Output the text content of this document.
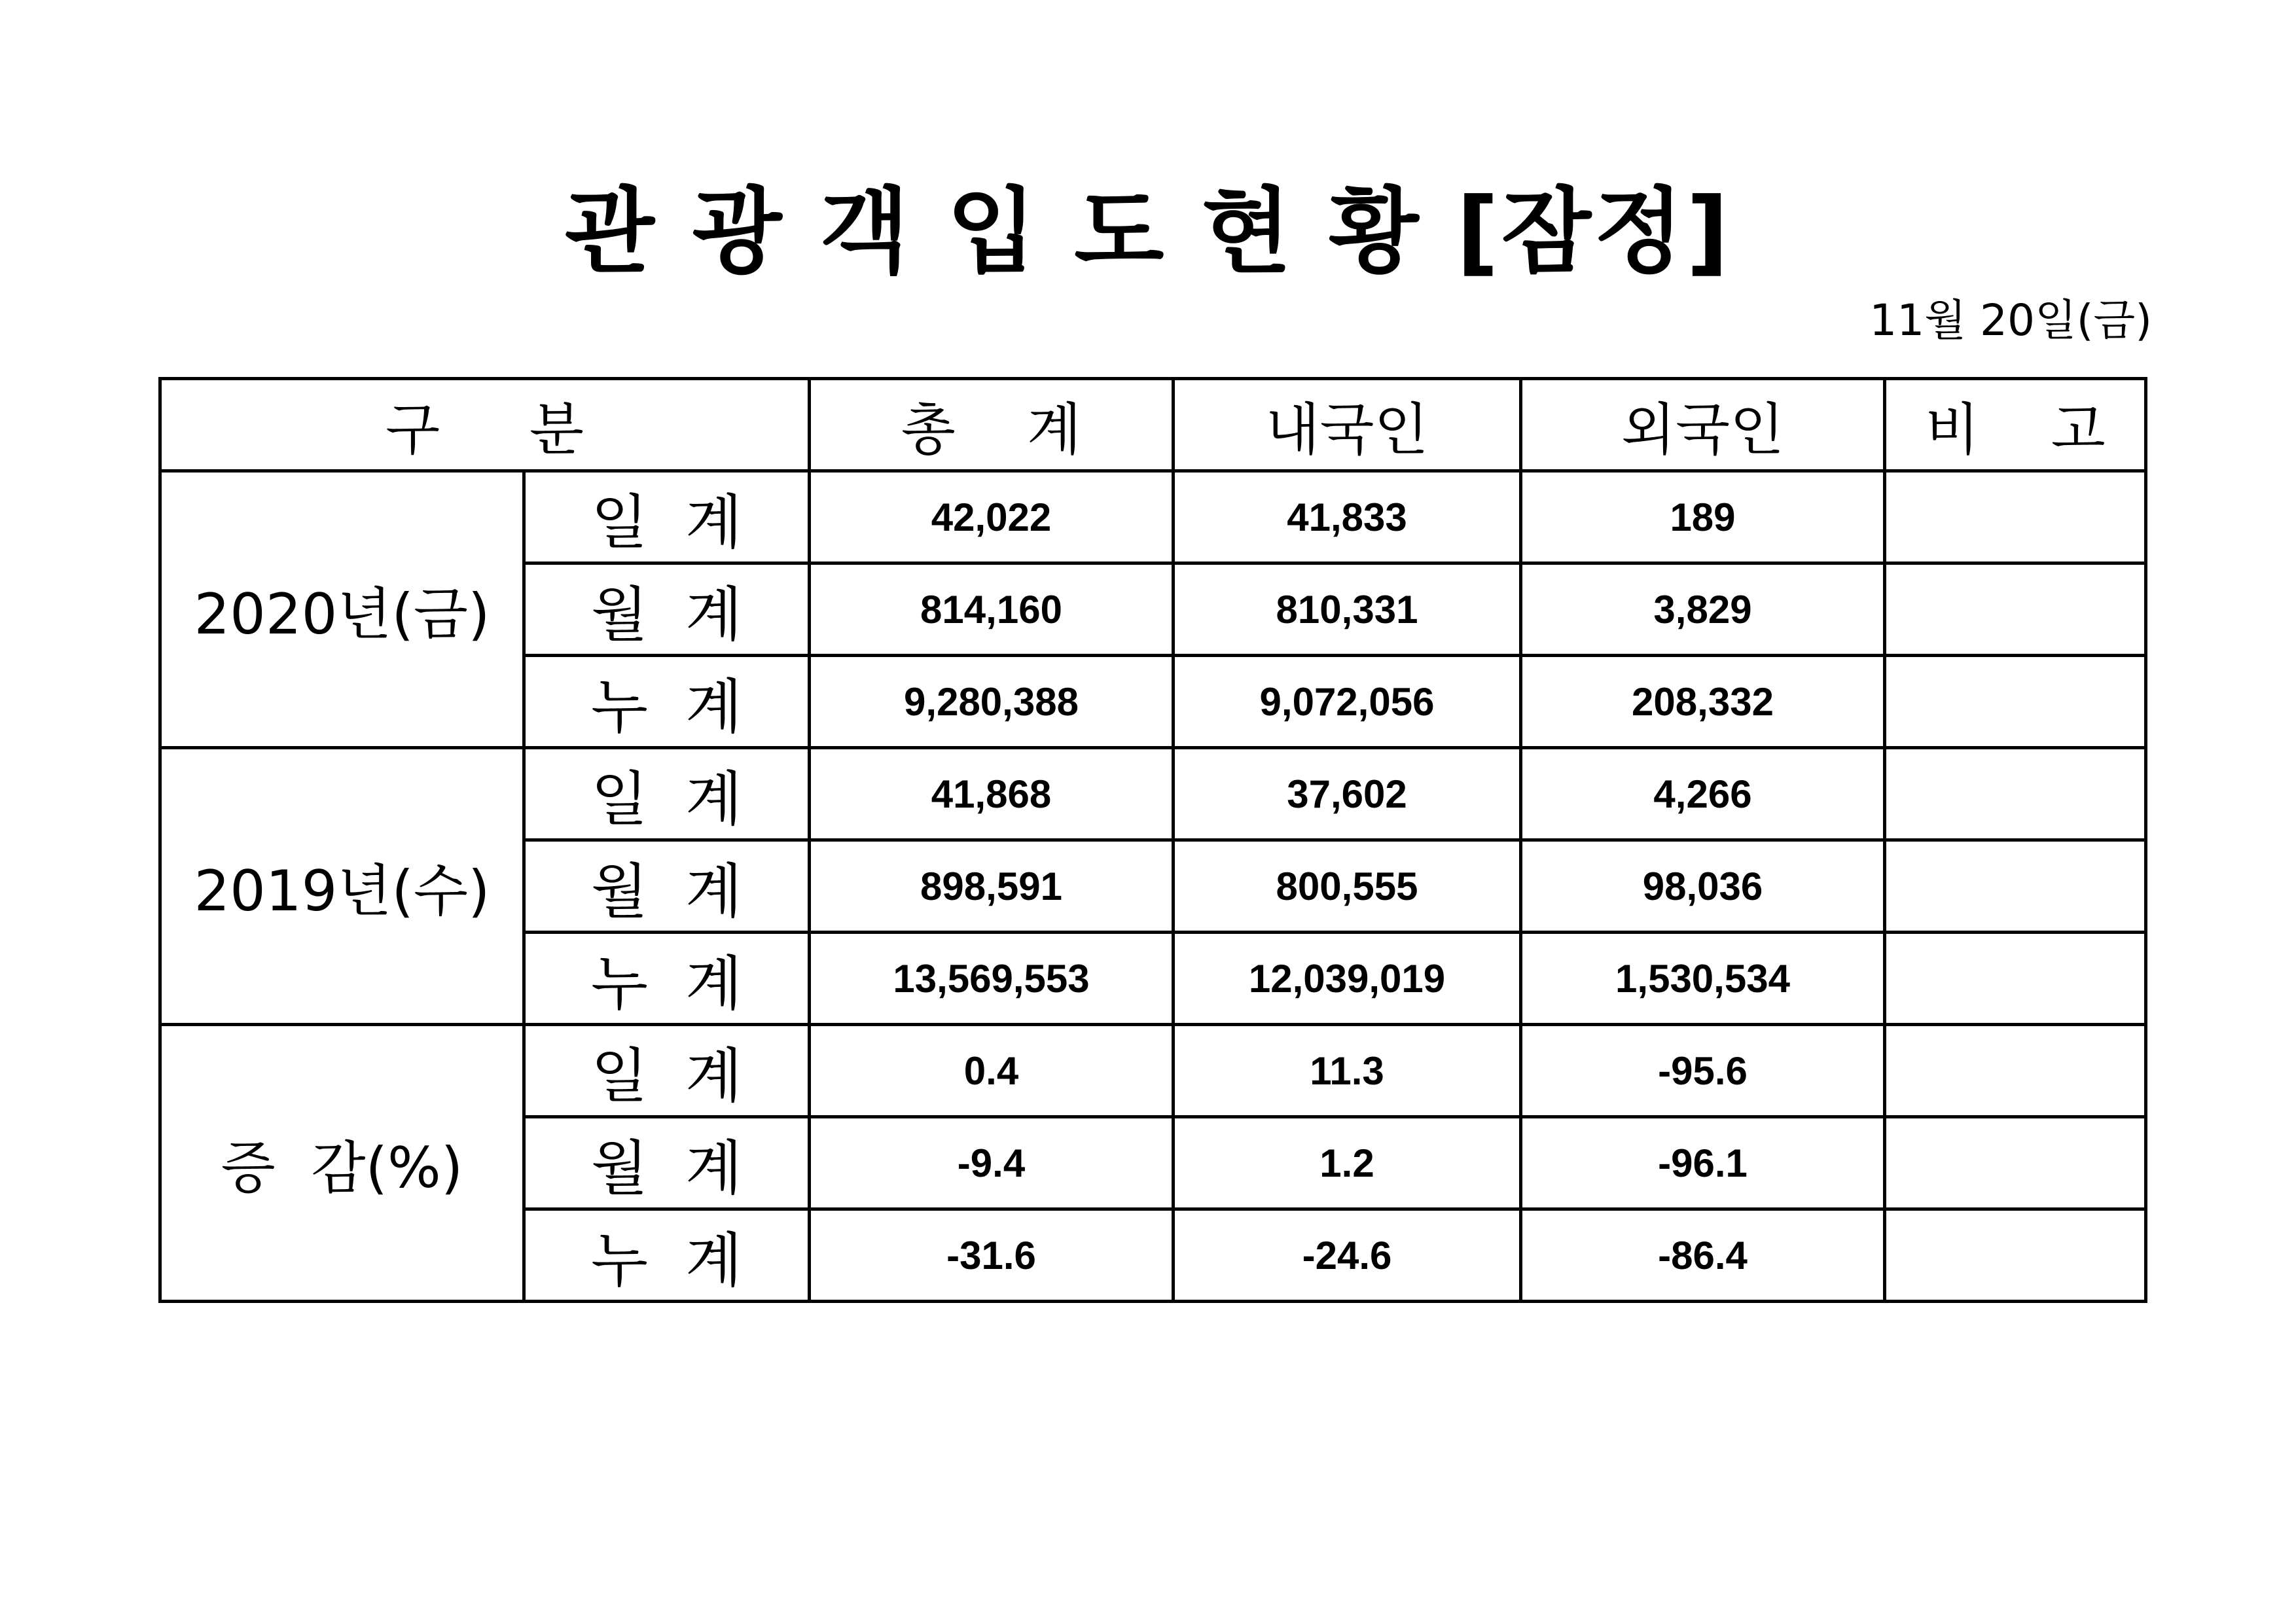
관 광 객 입 도 현 황 [잠정]
11월 20일(금)
구     분		총    계	내국인	외국인	비    고
2020년(금)	일  계	42,022	41,833	189	
	월  계	814,160	810,331	3,829	
	누  계	9,280,388	9,072,056	208,332	
2019년(수)	일  계	41,868	37,602	4,266	
	월  계	898,591	800,555	98,036	
	누  계	13,569,553	12,039,019	1,530,534	
증  감(%)	일  계	0.4	11.3	-95.6	
	월  계	-9.4	1.2	-96.1	
	누  계	-31.6	-24.6	-86.4	
